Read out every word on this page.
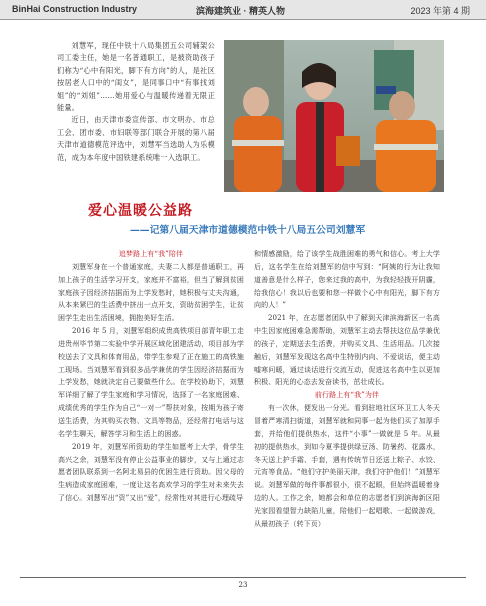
BinHai Construction Industry	滨海建筑业 · 精英人物	2023 年第 4 期

刘慧军，现任中铁十八局集团五公司辅架公司工委主任，她是一名普通职工，是被资助孩子们称为“心中有阳光，脚下有方向”的人，是社区按居老人口中的“闺女”，是同事口中“有事找刘姐”的“刘姐”……她用爱心与温暖传递着无限正能量。

近日，由天津市委宣传部、市文明办、市总工会、团市委、市妇联等部门联合开展的第八届天津市道德模范评选中，刘慧军当选助人为乐模范，成为本年度中国铁建系统唯一入选职工。

爱心温暖公益路
——记第八届天津市道德模范中铁十八局五公司刘慧军

追梦路上有“我”陪伴

刘慧军身在一个普通家庭，夫妻二人都是普通职工，再加上孩子的生活学习开支，家庭并不富裕，但当了解到贫困家庭孩子因经济拮据而为上学发愁时，她积极与丈夫沟通，从本来紧巴的生活费中挤出一点开支，资助贫困学生，让贫困学生走出生活困境，拥抱美好生活。

2016 年 5 月，刘慧军组织成贵高铁项目部青年职工走进贵州毕节第二实验中学开展区域化团建活动，项目部为学校送去了文具和体育用品，带学生参观了正在施工的高铁施工现场。当刘慧军看到很多品学兼优的学生因经济拮据而为上学发愁，她就决定自己要做些什么。在学校协助下，刘慧军详细了解了学生家庭和学习情况，选择了一名家庭困难、成绩优秀的学生作为自己“一对一”帮扶对象，按期为孩子寄送生活费，为其购买衣物、文具等物品，还经常打电话与这名学生聊天，解答学习和生活上的困惑。

2019 年，刘慧军所资助的学生如愿考上大学，骨学生高兴之余，刘慧军没有停止公益事业的脚步，又与上通过志愿者团队联系到一名阿北易县的优困生进行资助。因父母的生病造成家庭困难，一度让这名高欢学习的学生对未来失去了信心。刘慧军出“资”又出“爱”，经常性对其进行心理疏导

和情感激励，给了该学生战胜困难的勇气和信心。考上大学后，这名学生在给刘慧军的信中写到：“阿姨的行为让我知道善意是什么样子，您来过我的高中，为我轻轻拨开阴霾，给我信心！我以后也要和您一样做个心中有阳光，脚下有方向的人！”

2021 年，在志愿者团队中了解到天津滨海新区一名高中生因家庭困难急需帮助，刘慧军主动去帮扶这位品学兼优的孩子，定期送去生活费，并购买文具、生活用品。几次接触后，刘慧军发现这名高中生特别内向、不爱说话，便主动嘘寒问暖，通过谈话进行交流互动，促进这名高中生以更加积极、阳光的心态去发奋读书，茁壮成长。

前行路上有“我”为伴

有一次休，便发出一分光。看到驻地社区环卫工人冬天冒着严寒清扫街道，刘慧军就和同事一起为他们买了加厚手套，并给他们提供热水，这件“小事”一做就是 5 年。从最初的提供热水，到如今夏季提供绿豆汤、防暑药、花露水，冬天送上护手霜、手套，遇有传统节日还送上粽子、水饺、元宵等食品。“他们守护美丽天津，我们守护他们！”刘慧军说。刘慧军做的每件事都很小，很不起眼，但始终温暖着身边的人。工作之余，她都会和单位的志愿者们到滨海新区阳光家园看望智力缺陷儿童，陪他们一起唱歌、一起做游戏，从最初孩子（转下页）

23
